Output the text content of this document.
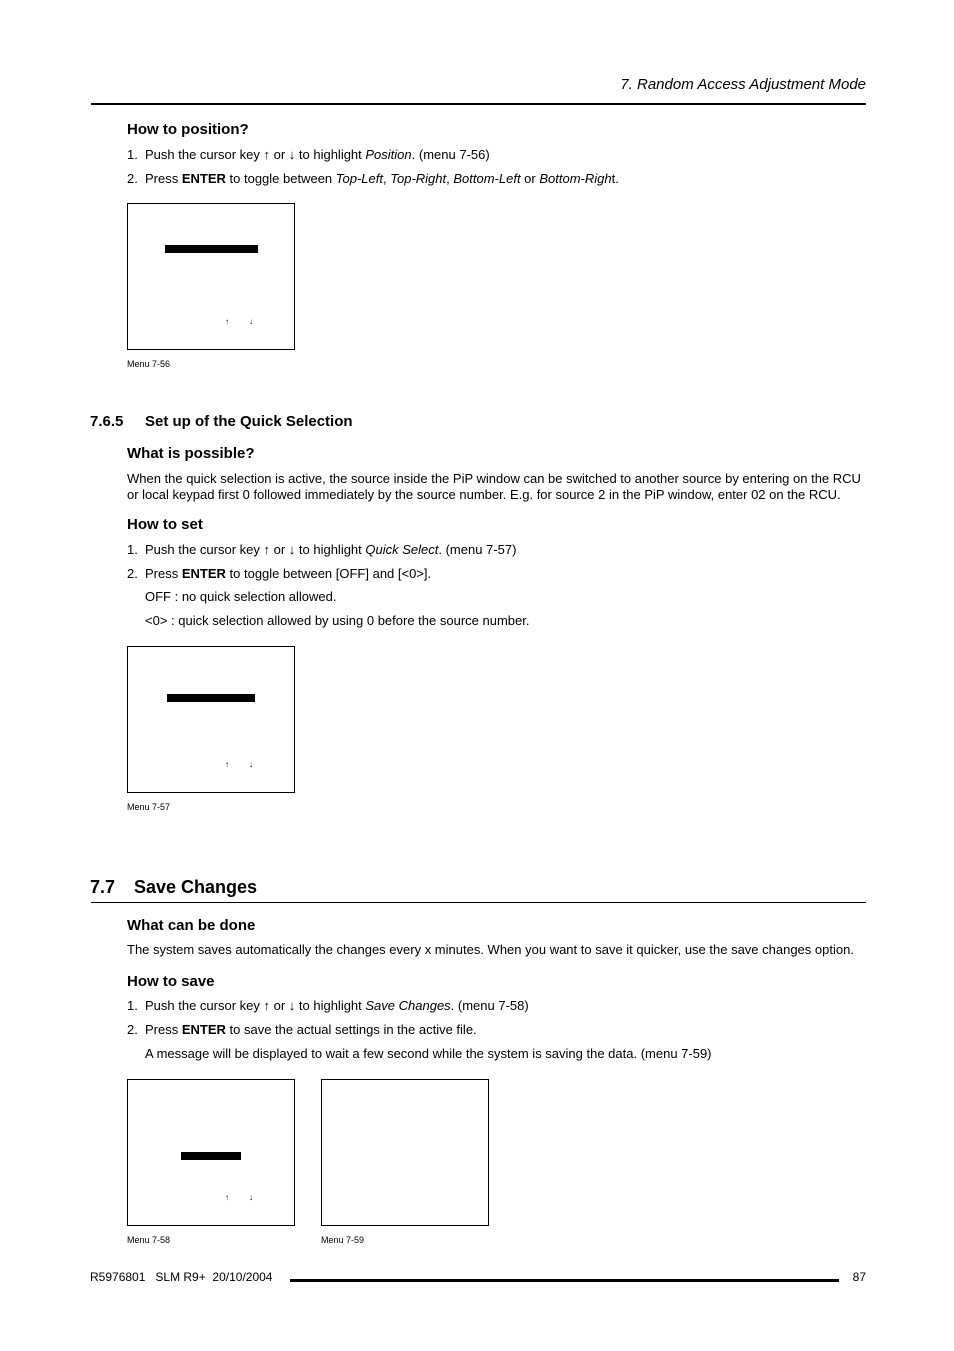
7. Random Access Adjustment Mode
How to position?
1. Push the cursor key ↑ or ↓ to highlight Position. (menu 7-56)
2. Press ENTER to toggle between Top-Left, Top-Right, Bottom-Left or Bottom-Right.
↑	↓
Menu 7-56
7.6.5 Set up of the Quick Selection
What is possible?
When the quick selection is active, the source inside the PiP window can be switched to another source by entering on the RCU or local keypad first 0 followed immediately by the source number. E.g. for source 2 in the PiP window, enter 02 on the RCU.
How to set
1. Push the cursor key ↑ or ↓ to highlight Quick Select. (menu 7-57)
2. Press ENTER to toggle between [OFF] and [<0>].
OFF : no quick selection allowed.
<0> : quick selection allowed by using 0 before the source number.
↑	↓
Menu 7-57
7.7 Save Changes
What can be done
The system saves automatically the changes every x minutes. When you want to save it quicker, use the save changes option.
How to save
1. Push the cursor key ↑ or ↓ to highlight Save Changes. (menu 7-58)
2. Press ENTER to save the actual settings in the active file.
A message will be displayed to wait a few second while the system is saving the data. (menu 7-59)
↑	↓
Menu 7-58	Menu 7-59
R5976801   SLM R9+  20/10/2004	87
